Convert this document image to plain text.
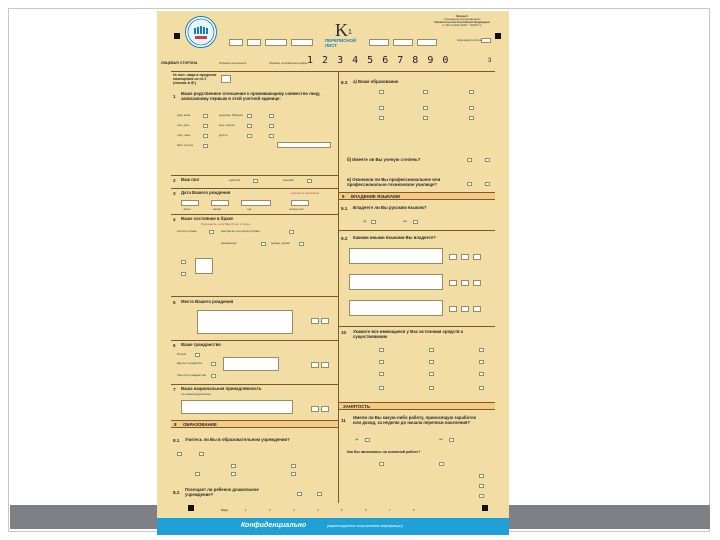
Форма К
утверждена распоряжением
Правительства Российской Федерации
от 28 октября 2002 г. №1517-р
Нумерация листов
3
K 1
ПЕРЕПИСНОЙ ЛИСТ
ЛИЦЕВАЯ СТОРОНА	Образец заполнения	Образец исправления цифры 1 2 3 4 5 6 7 8 9 0
№ пол. лица в пределах помещения из гл.1 (списка А.Ф.)
1
Ваше родственное отношение к проживающему совместно лицу, записанному первым в этой учетной единице:
муж, жена
сын, дочь
отец, мать
брат, сестра
дедушка, бабушка
внук, внучка
другое
2 Ваш пол	мужской	женский
3 Дата Вашего рождения	заполнить полностью
число	месяц	год	полных лет
4 Ваше состояние в браке
Переходите, если Вам 16 лет и более
состою в браке	никогда не состоял(а) в браке
разведен(а)	вдовец, вдова
5 Место Вашего рождения
6 Ваше гражданство
Россия
Другое государство
Лицо без гражданства
7 Ваша национальная принадлежность
(по самоопределению)
8 ОБРАЗОВАНИЕ
8.1 Учитесь ли Вы в образовательном учреждении?
8.2
Посещает ли ребенок дошкольное учреждение?
8.3 а) Ваше образование
б) Имеете ли Вы ученую степень?
в) Окончили ли Вы профессиональное или профессионально-техническое училище?
9 ВЛАДЕНИЕ ЯЗЫКАМИ
9.1 Владеете ли Вы русским языком?
да	нет
9.2 Какими иными языками Вы владеете?
10 Укажите все имеющиеся у Вас источники средств к существованию
ЗАНЯТОСТЬ
11
Имели ли Вы какую-либо работу, приносящую заработок или доход, за неделю до начала переписи населения?
да	нет
Как Вы записались на основной работе?
Лицо	1	2	3	4	5	6	7	8
Конфиденциально	(гарантируется получателем информации)
